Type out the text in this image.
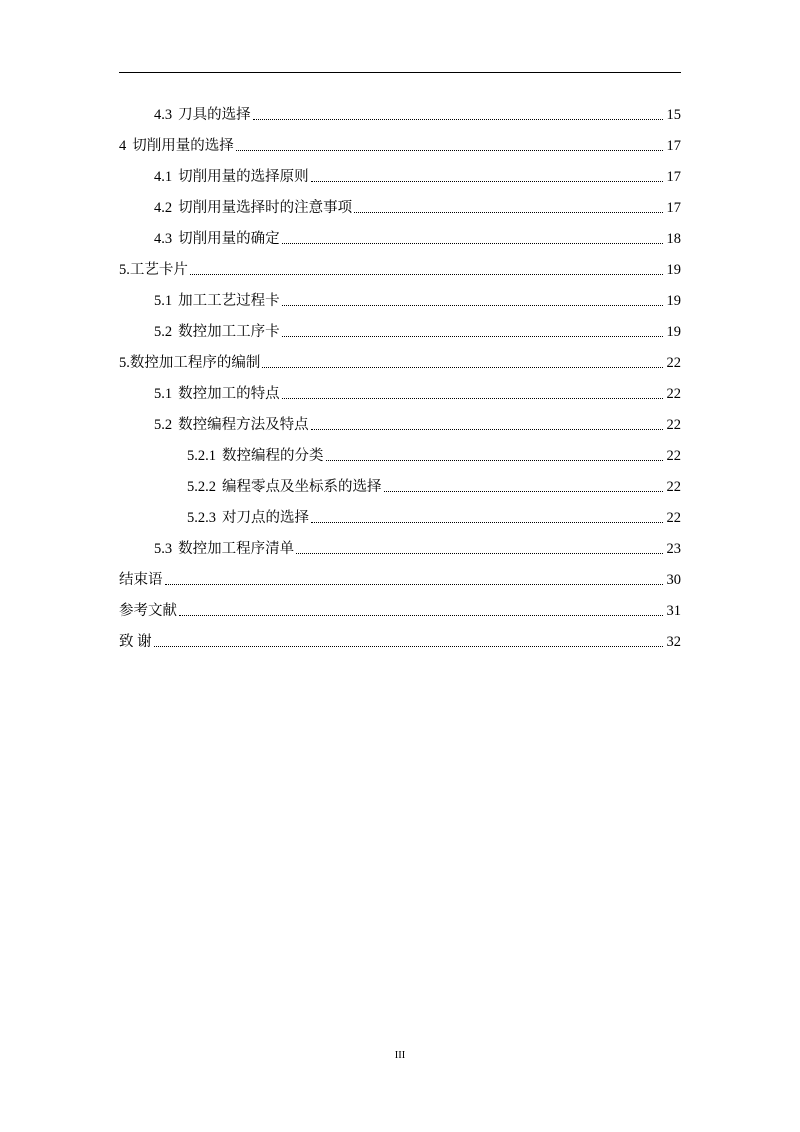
4.3 刀具的选择	15
4 切削用量的选择	17
4.1 切削用量的选择原则	17
4.2 切削用量选择时的注意事项	17
4.3 切削用量的确定	18
5. 工艺卡片	19
5.1 加工工艺过程卡	19
5.2 数控加工工序卡	19
5. 数控加工程序的编制	22
5.1 数控加工的特点	22
5.2 数控编程方法及特点	22
5.2.1 数控编程的分类	22
5.2.2 编程零点及坐标系的选择	22
5.2.3 对刀点的选择	22
5.3 数控加工程序清单	23
结束语	30
参考文献	31
致 谢	32
III
